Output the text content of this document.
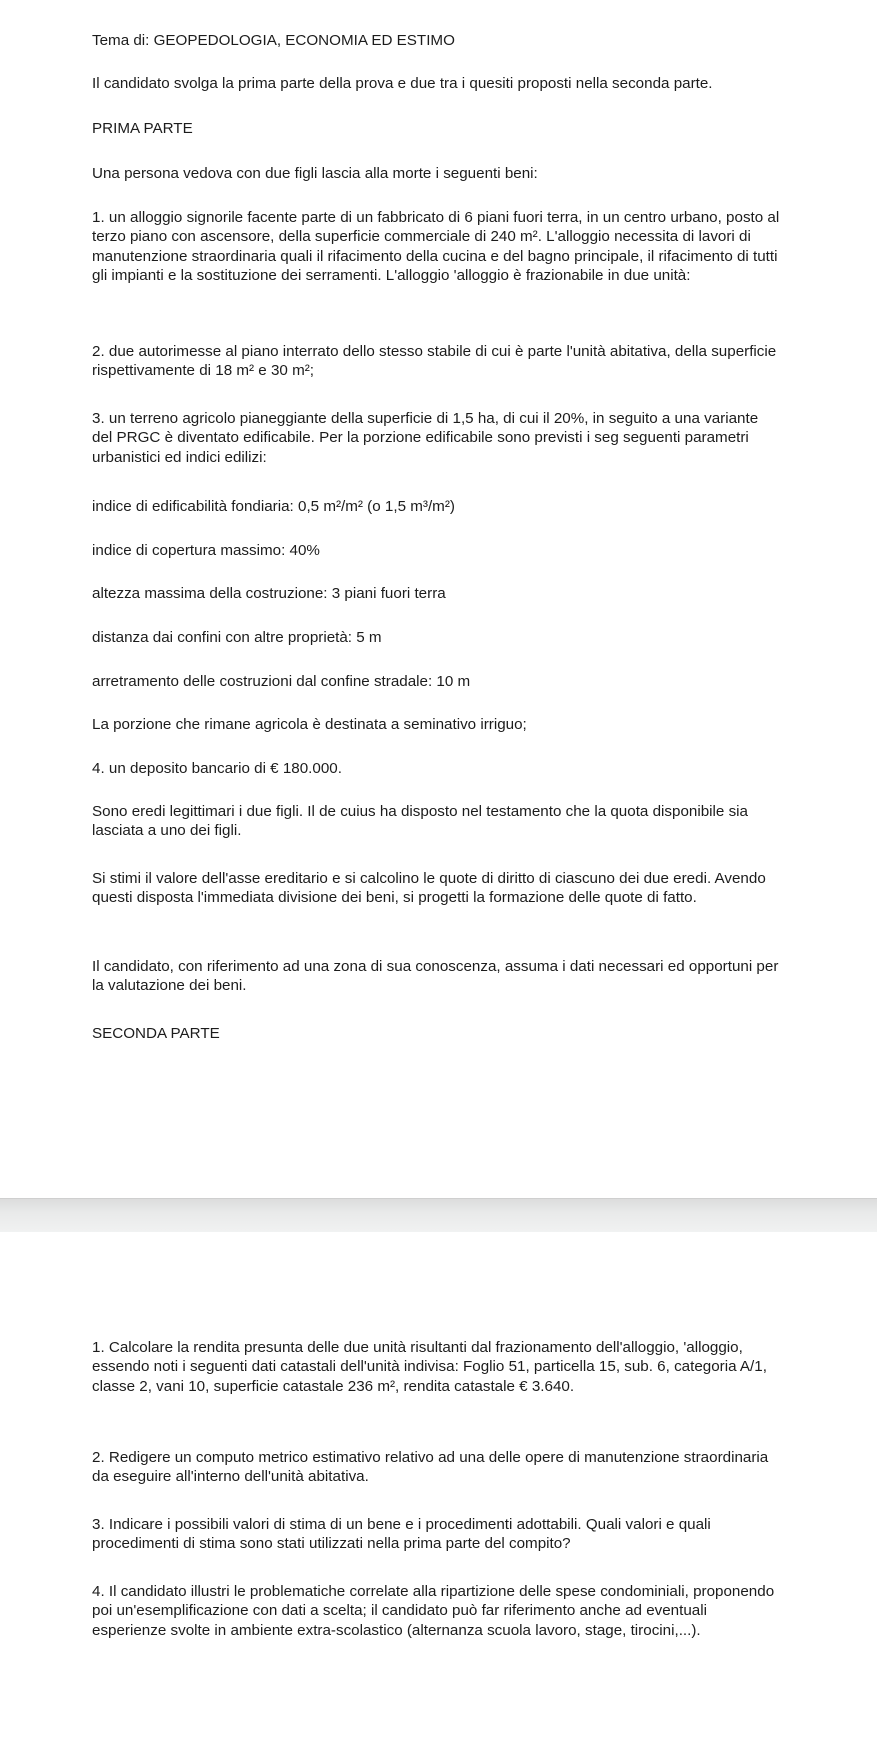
Tema di: GEOPEDOLOGIA, ECONOMIA ED ESTIMO

Il candidato svolga la prima parte della prova e due tra i quesiti proposti nella seconda parte.

PRIMA PARTE

Una persona vedova con due figli lascia alla morte i seguenti beni:

1. un alloggio signorile facente parte di un fabbricato di 6 piani fuori terra, in un centro urbano, posto al terzo piano con ascensore, della superficie commerciale di 240 m². L'alloggio necessita di lavori di manutenzione straordinaria quali il rifacimento della cucina e del bagno principale, il rifacimento di tutti gli impianti e la sostituzione dei serramenti. L'alloggio 'alloggio è frazionabile in due unità:

2. due autorimesse al piano interrato dello stesso stabile di cui è parte l'unità abitativa, della superficie rispettivamente di 18 m² e 30 m²;

3. un terreno agricolo pianeggiante della superficie di 1,5 ha, di cui il 20%, in seguito a una variante del PRGC è diventato edificabile. Per la porzione edificabile sono previsti i seg seguenti parametri urbanistici ed indici edilizi:

indice di edificabilità fondiaria: 0,5 m²/m² (o 1,5 m³/m²)

indice di copertura massimo: 40%

altezza massima della costruzione: 3 piani fuori terra

distanza dai confini con altre proprietà: 5 m

arretramento delle costruzioni dal confine stradale: 10 m

La porzione che rimane agricola è destinata a seminativo irriguo;

4. un deposito bancario di € 180.000.

Sono eredi legittimari i due figli. Il de cuius ha disposto nel testamento che la quota disponibile sia lasciata a uno dei figli.

Si stimi il valore dell'asse ereditario e si calcolino le quote di diritto di ciascuno dei due eredi. Avendo questi disposta l'immediata divisione dei beni, si progetti la formazione delle quote di fatto.

Il candidato, con riferimento ad una zona di sua conoscenza, assuma i dati necessari ed opportuni per la valutazione dei beni.

SECONDA PARTE

1. Calcolare la rendita presunta delle due unità risultanti dal frazionamento dell'alloggio, 'alloggio, essendo noti i seguenti dati catastali dell'unità indivisa: Foglio 51, particella 15, sub. 6, categoria A/1, classe 2, vani 10, superficie catastale 236 m², rendita catastale € 3.640.

2. Redigere un computo metrico estimativo relativo ad una delle opere di manutenzione straordinaria da eseguire all'interno dell'unità abitativa.

3. Indicare i possibili valori di stima di un bene e i procedimenti adottabili. Quali valori e quali procedimenti di stima sono stati utilizzati nella prima parte del compito?

4. Il candidato illustri le problematiche correlate alla ripartizione delle spese condominiali, proponendo poi un'esemplificazione con dati a scelta; il candidato può far riferimento anche ad eventuali esperienze svolte in ambiente extra-scolastico (alternanza scuola lavoro, stage, tirocini,...).
